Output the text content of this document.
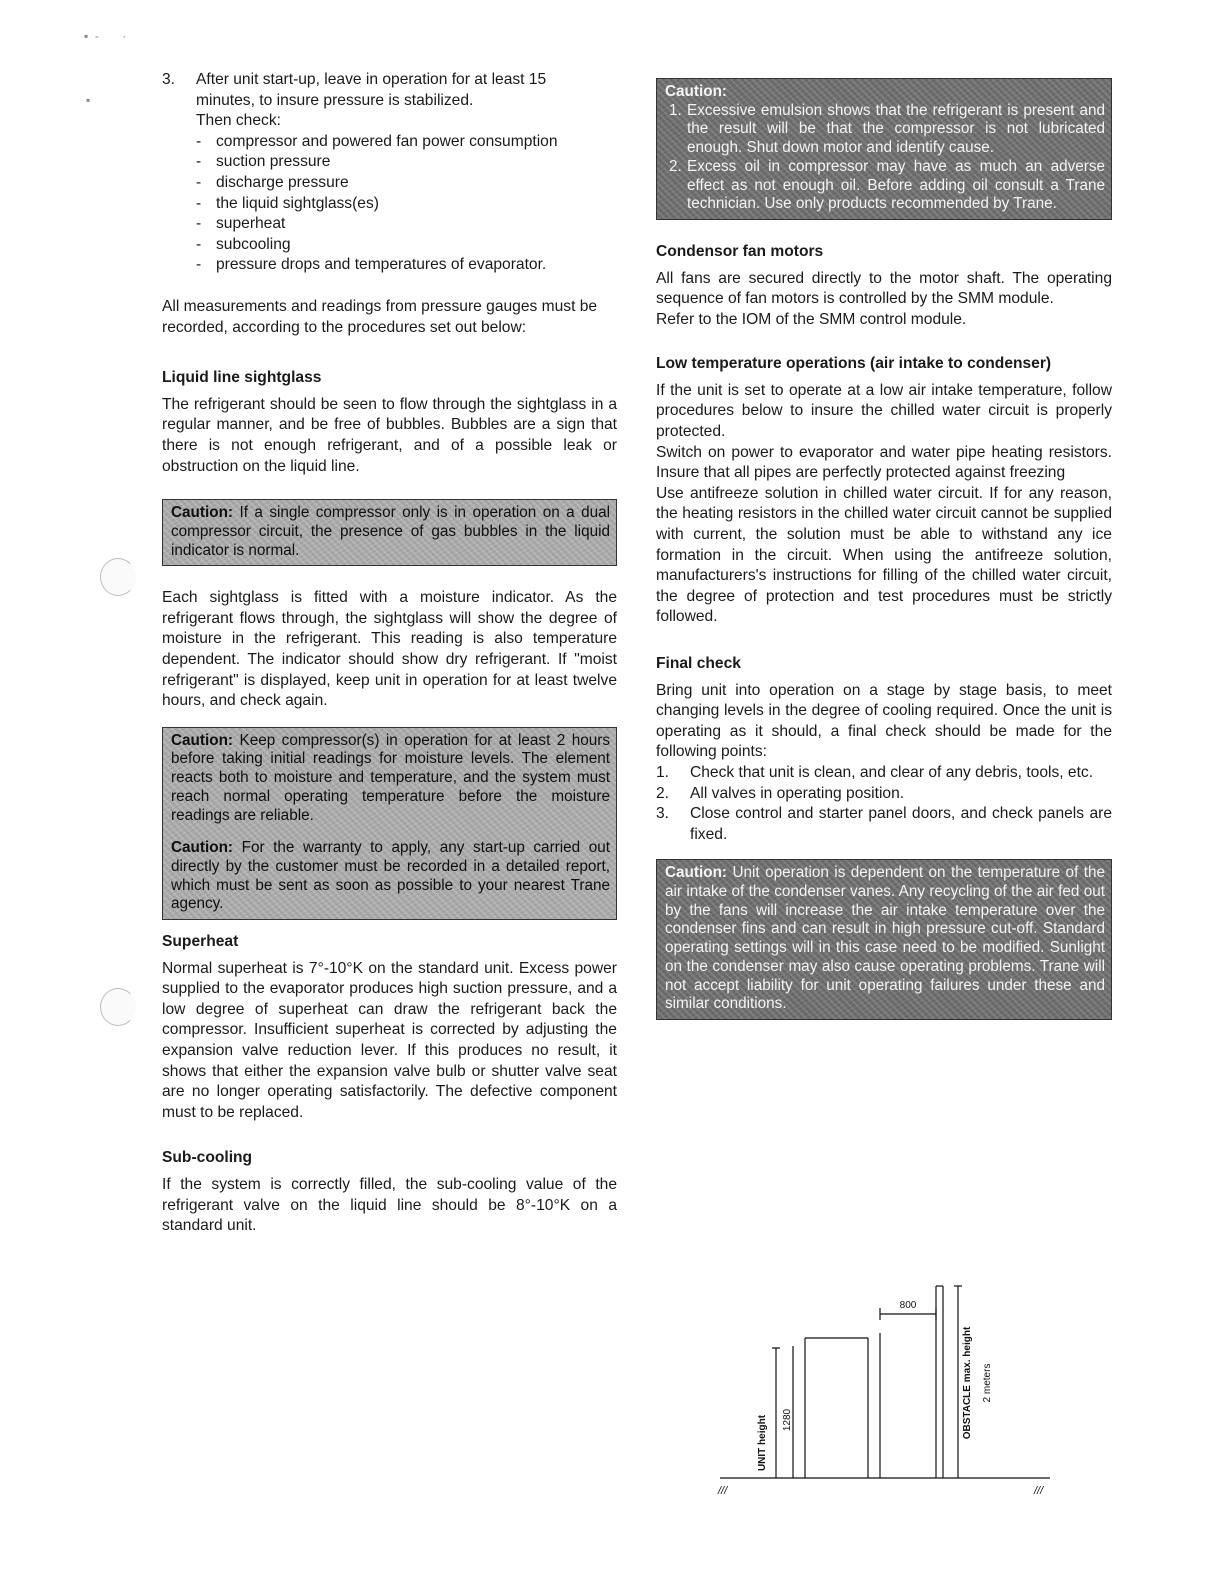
▪  -       ·
▪
3. After unit start-up, leave in operation for at least 15

minutes, to insure pressure is stabilized.

Then check:

- compressor and powered fan power consumption
- suction pressure
- discharge pressure
- the liquid sightglass(es)
- superheat
- subcooling
- pressure drops and temperatures of evaporator.

All measurements and readings from pressure gauges must be recorded, according to the procedures set out below:

Liquid line sightglass

The refrigerant should be seen to flow through the sightglass in a regular manner, and be free of bubbles. Bubbles are a sign that there is not enough refrigerant, and of a possible leak or obstruction on the liquid line.

Caution: If a single compressor only is in operation on a dual compressor circuit, the presence of gas bubbles in the liquid indicator is normal.

Each sightglass is fitted with a moisture indicator. As the refrigerant flows through, the sightglass will show the degree of moisture in the refrigerant. This reading is also temperature dependent. The indicator should show dry refrigerant. If "moist refrigerant" is displayed, keep unit in operation for at least twelve hours, and check again.

Caution: Keep compressor(s) in operation for at least 2 hours before taking initial readings for moisture levels. The element reacts both to moisture and temperature, and the system must reach normal operating temperature before the moisture readings are reliable.

Caution: For the warranty to apply, any start-up carried out directly by the customer must be recorded in a detailed report, which must be sent as soon as possible to your nearest Trane agency.

Superheat

Normal superheat is 7°-10°K on the standard unit. Excess power supplied to the evaporator produces high suction pressure, and a low degree of superheat can draw the refrigerant back the compressor. Insufficient superheat is corrected by adjusting the expansion valve reduction lever. If this produces no result, it shows that either the expansion valve bulb or shutter valve seat are no longer operating satisfactorily. The defective component must to be replaced.

Sub-cooling

If the system is correctly filled, the sub-cooling value of the refrigerant valve on the liquid line should be 8°-10°K on a standard unit.

Caution:

1. Excessive emulsion shows that the refrigerant is present and the result will be that the compressor is not lubricated enough. Shut down motor and identify cause.
2. Excess oil in compressor may have as much an adverse effect as not enough oil. Before adding oil consult a Trane technician. Use only products recommended by Trane.

Condensor fan motors

All fans are secured directly to the motor shaft. The operating sequence of fan motors is controlled by the SMM module.

Refer to the IOM of the SMM control module.

Low temperature operations (air intake to condenser)

If the unit is set to operate at a low air intake temperature, follow procedures below to insure the chilled water circuit is properly protected.

Switch on power to evaporator and water pipe heating resistors. Insure that all pipes are perfectly protected against freezing

Use antifreeze solution in chilled water circuit. If for any reason, the heating resistors in the chilled water circuit cannot be supplied with current, the solution must be able to withstand any ice formation in the circuit. When using the antifreeze solution, manufacturers's instructions for filling of the chilled water circuit, the degree of protection and test procedures must be strictly followed.

Final check

Bring unit into operation on a stage by stage basis, to meet changing levels in the degree of cooling required. Once the unit is operating as it should, a final check should be made for the following points:

1. Check that unit is clean, and clear of any debris, tools, etc.
2. All valves in operating position.
3. Close control and starter panel doors, and check panels are fixed.
Caution: Unit operation is dependent on the temperature of the air intake of the condenser vanes. Any recycling of the air fed out by the fans will increase the air intake temperature over the condenser fins and can result in high pressure cut-off. Standard operating settings will in this case need to be modified. Sunlight on the condenser may also cause operating problems. Trane will not accept liability for unit operating failures under these and similar conditions.
800
UNIT height 1280	OBSTACLE max. height 2 meters
///	///
